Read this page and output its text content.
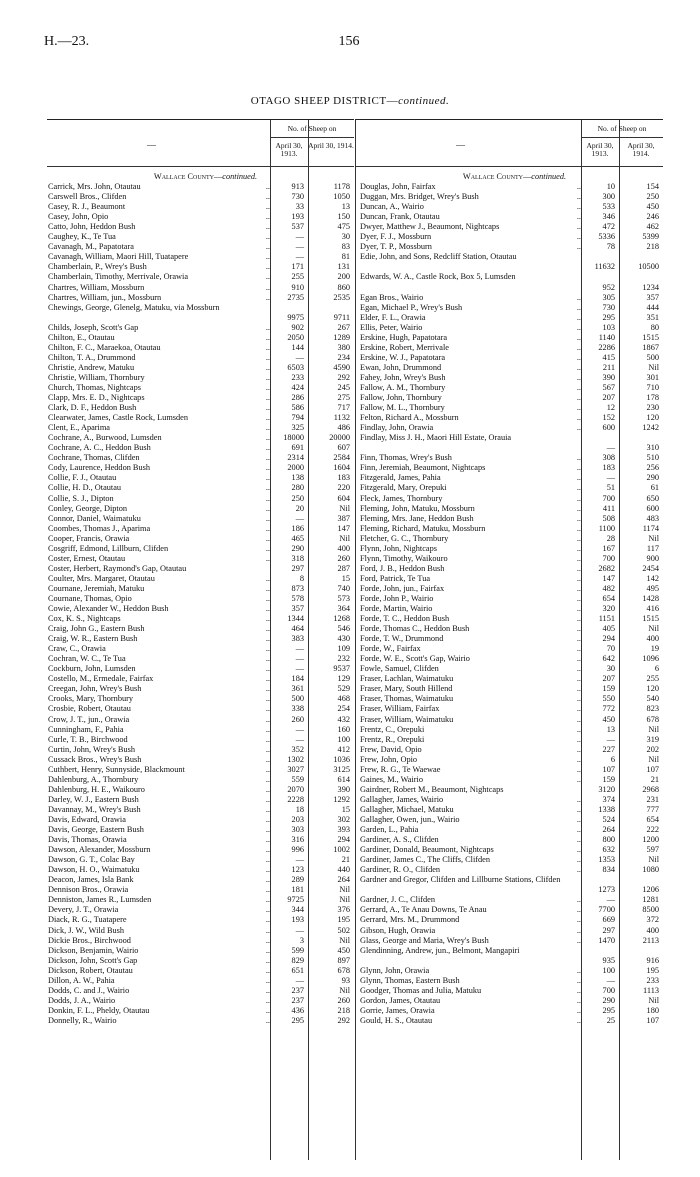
H.—23.	156
OTAGO SHEEP DISTRICT—continued.
—
No. of Sheep on
April 30, 1913.
April 30, 1914.
Wallace County—continued.
Carrick, Mrs. John, Otautau	..	913	1178
Carswell Bros., Clifden	..	730	1050
Casey, R. J., Beaumont	..	33	13
Casey, John, Opio	..	193	150
Catto, John, Heddon Bush	..	537	475
Caughey, K., Te Tua	..	—	30
Cavanagh, M., Papatotara	..	—	83
Cavanagh, William, Maori Hill, Tuatapere	..	—	81
Chamberlain, P., Wrey's Bush	..	171	131
Chamberlain, Timothy, Merrivale, Orawia	..	255	200
Chartres, William, Mossburn	..	910	860
Chartres, William, jun., Mossburn	..	2735	2535
Chewings, George, Glenelg, Matuku, via Mossburn
9975	9711
Childs, Joseph, Scott's Gap	..	902	267
Chilton, E., Otautau	..	2050	1289
Chilton, F. C., Maraekoa, Otautau	..	144	380
Chilton, T. A., Drummond	..	—	234
Christie, Andrew, Matuku	..	6503	4590
Christie, William, Thornbury	..	233	292
Church, Thomas, Nightcaps	..	424	245
Clapp, Mrs. E. D., Nightcaps	..	286	275
Clark, D. F., Heddon Bush	..	586	717
Clearwater, James, Castle Rock, Lumsden	..	794	1132
Clent, E., Aparima	..	325	486
Cochrane, A., Burwood, Lumsden	..	18000	20000
Cochrane, A. C., Heddon Bush	..	691	607
Cochrane, Thomas, Clifden	..	2314	2584
Cody, Laurence, Heddon Bush	..	2000	1604
Collie, F. J., Otautau	..	138	183
Collie, H. D., Otautau	..	280	220
Collie, S. J., Dipton	..	250	604
Conley, George, Dipton	..	20	Nil
Connor, Daniel, Waimatuku	..	—	387
Coombes, Thomas J., Aparima	..	186	147
Cooper, Francis, Orawia	..	465	Nil
Cosgriff, Edmond, Lillburn, Clifden	..	290	400
Coster, Ernest, Otautau	..	318	260
Coster, Herbert, Raymond's Gap, Otautau	297	287
Coulter, Mrs. Margaret, Otautau	..	8	15
Cournane, Jeremiah, Matuku	..	873	740
Cournane, Thomas, Opio	..	578	573
Cowie, Alexander W., Heddon Bush	..	357	364
Cox, K. S., Nightcaps	..	1344	1268
Craig, John G., Eastern Bush	..	464	546
Craig, W. R., Eastern Bush	..	383	430
Craw, C., Orawia	..	—	109
Cochran, W. C., Te Tua	..	—	232
Cockburn, John, Lumsden	..	—	9537
Costello, M., Ermedale, Fairfax	..	184	129
Creegan, John, Wrey's Bush	..	361	529
Crooks, Mary, Thornbury	..	500	468
Crosbie, Robert, Otautau	..	338	254
Crow, J. T., jun., Orawia	..	260	432
Cunningham, F., Pahia	..	—	160
Curle, T. B., Birchwood	..	—	100
Curtin, John, Wrey's Bush	..	352	412
Cussack Bros., Wrey's Bush	..	1302	1036
Cuthbert, Henry, Sunnyside, Blackmount	..	3027	3125
Dahlenburg, A., Thornbury	..	559	614
Dahlenburg, H. E., Waikouro	..	2070	390
Darley, W. J., Eastern Bush	..	2228	1292
Davannay, M., Wrey's Bush	..	18	15
Davis, Edward, Orawia	..	203	302
Davis, George, Eastern Bush	..	303	393
Davis, Thomas, Orawia	..	316	294
Dawson, Alexander, Mossburn	..	996	1002
Dawson, G. T., Colac Bay	..	—	21
Dawson, H. O., Waimatuku	..	123	440
Deacon, James, Isla Bank	..	289	264
Dennison Bros., Orawia	..	181	Nil
Denniston, James R., Lumsden	..	9725	Nil
Devery, J. T., Orawia	..	344	376
Diack, R. G., Tuatapere	..	193	195
Dick, J. W., Wild Bush	..	—	502
Dickie Bros., Birchwood	..	3	Nil
Dickson, Benjamin, Wairio	..	599	450
Dickson, John, Scott's Gap	..	829	897
Dickson, Robert, Otautau	..	651	678
Dillon, A. W., Pahia	..	—	93
Dodds, C. and J., Wairio	..	237	Nil
Dodds, J. A., Wairio	..	237	260
Donkin, F. L., Pheldy, Otautau	..	436	218
Donnelly, R., Wairio	..	295	292
—
No. of Sheep on
April 30, 1913.
April 30, 1914.
Wallace County—continued.
Douglas, John, Fairfax	..	10	154
Duggan, Mrs. Bridget, Wrey's Bush	..	300	250
Duncan, A., Wairio	..	533	450
Duncan, Frank, Otautau	..	346	246
Dwyer, Matthew J., Beaumont, Nightcaps	..	472	462
Dyer, F. J., Mossburn	..	5336	5399
Dyer, T. P., Mossburn	..	78	218
Edie, John, and Sons, Redcliff Station, Otautau
11632	10500
Edwards, W. A., Castle Rock, Box 5, Lumsden
952	1234
Egan Bros., Wairio	..	305	357
Egan, Michael P., Wrey's Bush	..	730	444
Elder, F. L., Orawia	..	295	351
Ellis, Peter, Wairio	..	103	80
Erskine, Hugh, Papatotara	..	1140	1515
Erskine, Robert, Merrivale	..	2286	1867
Erskine, W. J., Papatotara	..	415	500
Ewan, John, Drummond	..	211	Nil
Fahey, John, Wrey's Bush	..	390	301
Fallow, A. M., Thornbury	..	567	710
Fallow, John, Thornbury	..	207	178
Fallow, M. L., Thornbury	..	12	230
Felton, Richard A., Mossburn	..	152	120
Findlay, John, Orawia	..	600	1242
Findlay, Miss J. H., Maori Hill Estate, Orauia
—	310
Finn, Thomas, Wrey's Bush	..	308	510
Finn, Jeremiah, Beaumont, Nightcaps	..	183	256
Fitzgerald, James, Pahia	..	—	290
Fitzgerald, Mary, Orepuki	..	51	61
Fleck, James, Thornbury	..	700	650
Fleming, John, Matuku, Mossburn	..	411	600
Fleming, Mrs. Jane, Heddon Bush	..	508	483
Fleming, Richard, Matuku, Mossburn	..	1100	1174
Fletcher, G. C., Thornbury	..	28	Nil
Flynn, John, Nightcaps	..	167	117
Flynn, Timothy, Waikouro	..	700	900
Ford, J. B., Heddon Bush	..	2682	2454
Ford, Patrick, Te Tua	..	147	142
Forde, John, jun., Fairfax	..	482	495
Forde, John P., Wairio	..	654	1428
Forde, Martin, Wairio	..	320	416
Forde, T. C., Heddon Bush	..	1151	1515
Forde, Thomas C., Heddon Bush	..	405	Nil
Forde, T. W., Drummond	..	294	400
Forde, W., Fairfax	..	70	19
Forde, W. E., Scott's Gap, Wairio	..	642	1096
Fowle, Samuel, Clifden	..	30	6
Fraser, Lachlan, Waimatuku	..	207	255
Fraser, Mary, South Hillend	..	159	120
Fraser, Thomas, Waimatuku	..	550	540
Fraser, William, Fairfax	..	772	823
Fraser, William, Waimatuku	..	450	678
Frentz, C., Orepuki	..	13	Nil
Frentz, R., Orepuki	..	—	319
Frew, David, Opio	..	227	202
Frew, John, Opio	..	6	Nil
Frew, R. G., Te Waewae	..	107	107
Gaines, M., Wairio	..	159	21
Gairdner, Robert M., Beaumont, Nightcaps	3120	2968
Gallagher, James, Wairio	..	374	231
Gallagher, Michael, Matuku	..	1338	777
Gallagher, Owen, jun., Wairio	..	524	654
Garden, L., Pahia	..	264	222
Gardiner, A. S., Clifden	..	800	1200
Gardiner, Donald, Beaumont, Nightcaps	..	632	597
Gardiner, James C., The Cliffs, Clifden	..	1353	Nil
Gardiner, R. O., Clifden	..	834	1080
Gardner and Gregor, Clifden and Lillburne Stations, Clifden
1273	1206
Gardner, J. C., Clifden	..	—	1281
Gerrard, A., Te Anau Downs, Te Anau	..	7700	8500
Gerrard, Mrs. M., Drummond	..	669	372
Gibson, Hugh, Orawia	..	297	400
Glass, George and Maria, Wrey's Bush	..	1470	2113
Glendinning, Andrew, jun., Belmont, Mangapiri
935	916
Glynn, John, Orawia	..	100	195
Glynn, Thomas, Eastern Bush	..	—	233
Goodger, Thomas and Julia, Matuku	..	700	1113
Gordon, James, Otautau	..	290	Nil
Gorrie, James, Orawia	..	295	180
Gould, H. S., Otautau	..	25	107
